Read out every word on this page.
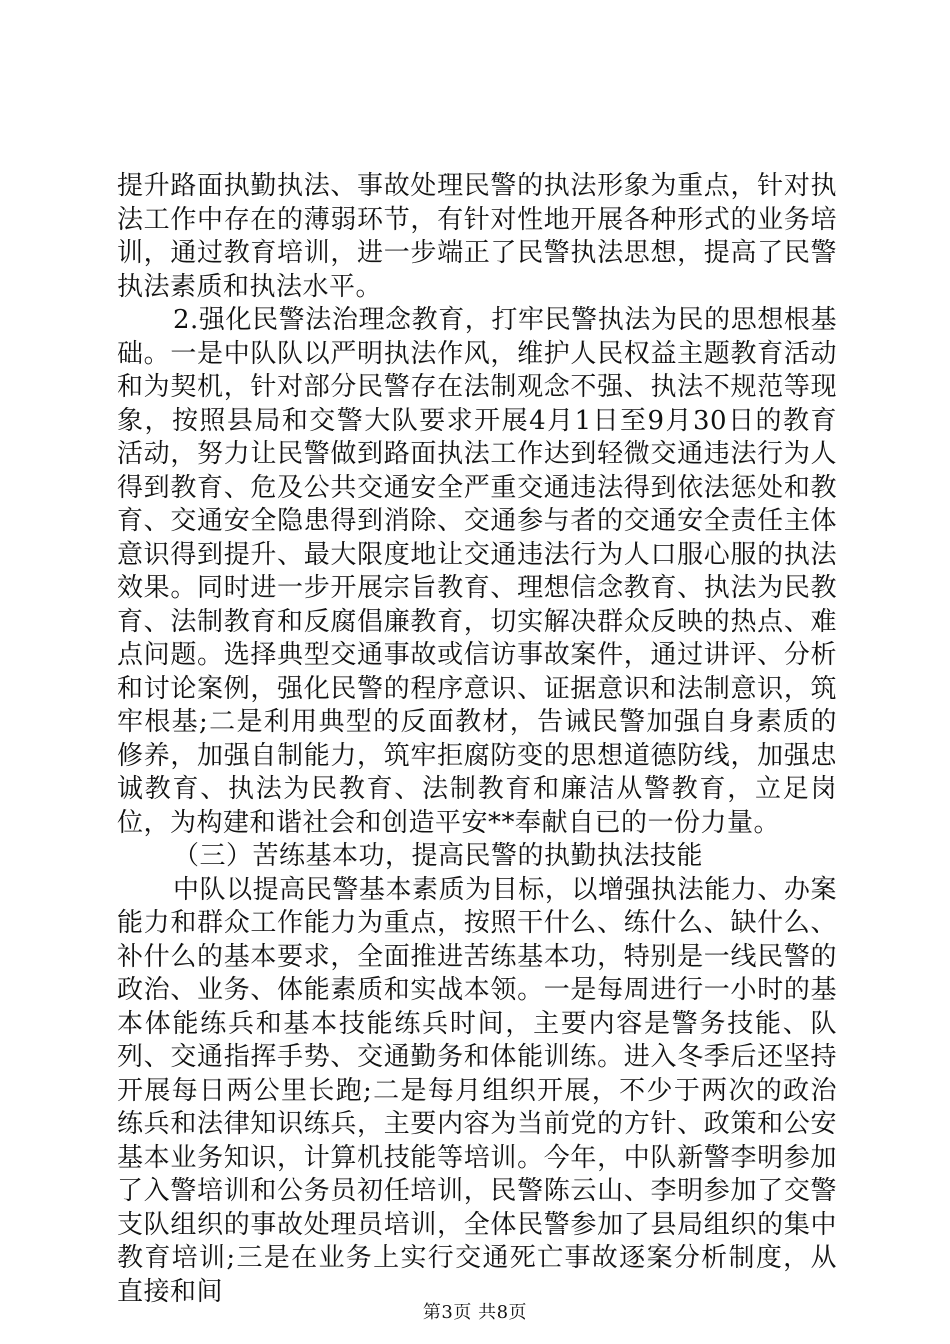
提升路面执勤执法、事故处理民警的执法形象为重点，针对执法工作中存在的薄弱环节，有针对性地开展各种形式的业务培训，通过教育培训，进一步端正了民警执法思想，提高了民警执法素质和执法水平。

2.强化民警法治理念教育，打牢民警执法为民的思想根基础。一是中队队以严明执法作风，维护人民权益主题教育活动和为契机，针对部分民警存在法制观念不强、执法不规范等现象，按照县局和交警大队要求开展4月1日至9月30日的教育活动，努力让民警做到路面执法工作达到轻微交通违法行为人得到教育、危及公共交通安全严重交通违法得到依法惩处和教育、交通安全隐患得到消除、交通参与者的交通安全责任主体意识得到提升、最大限度地让交通违法行为人口服心服的执法效果。同时进一步开展宗旨教育、理想信念教育、执法为民教育、法制教育和反腐倡廉教育，切实解决群众反映的热点、难点问题。选择典型交通事故或信访事故案件，通过讲评、分析和讨论案例，强化民警的程序意识、证据意识和法制意识，筑牢根基;二是利用典型的反面教材，告诫民警加强自身素质的修养，加强自制能力，筑牢拒腐防变的思想道德防线，加强忠诚教育、执法为民教育、法制教育和廉洁从警教育，立足岗位，为构建和谐社会和创造平安**奉献自已的一份力量。

（三）苦练基本功，提高民警的执勤执法技能

中队以提高民警基本素质为目标，以增强执法能力、办案能力和群众工作能力为重点，按照干什么、练什么、缺什么、补什么的基本要求，全面推进苦练基本功，特别是一线民警的政治、业务、体能素质和实战本领。一是每周进行一小时的基本体能练兵和基本技能练兵时间，主要内容是警务技能、队列、交通指挥手势、交通勤务和体能训练。进入冬季后还坚持开展每日两公里长跑;二是每月组织开展，不少于两次的政治练兵和法律知识练兵，主要内容为当前党的方针、政策和公安基本业务知识，计算机技能等培训。今年，中队新警李明参加了入警培训和公务员初任培训，民警陈云山、李明参加了交警支队组织的事故处理员培训，全体民警参加了县局组织的集中教育培训;三是在业务上实行交通死亡事故逐案分析制度，从直接和间

第3页 共8页
